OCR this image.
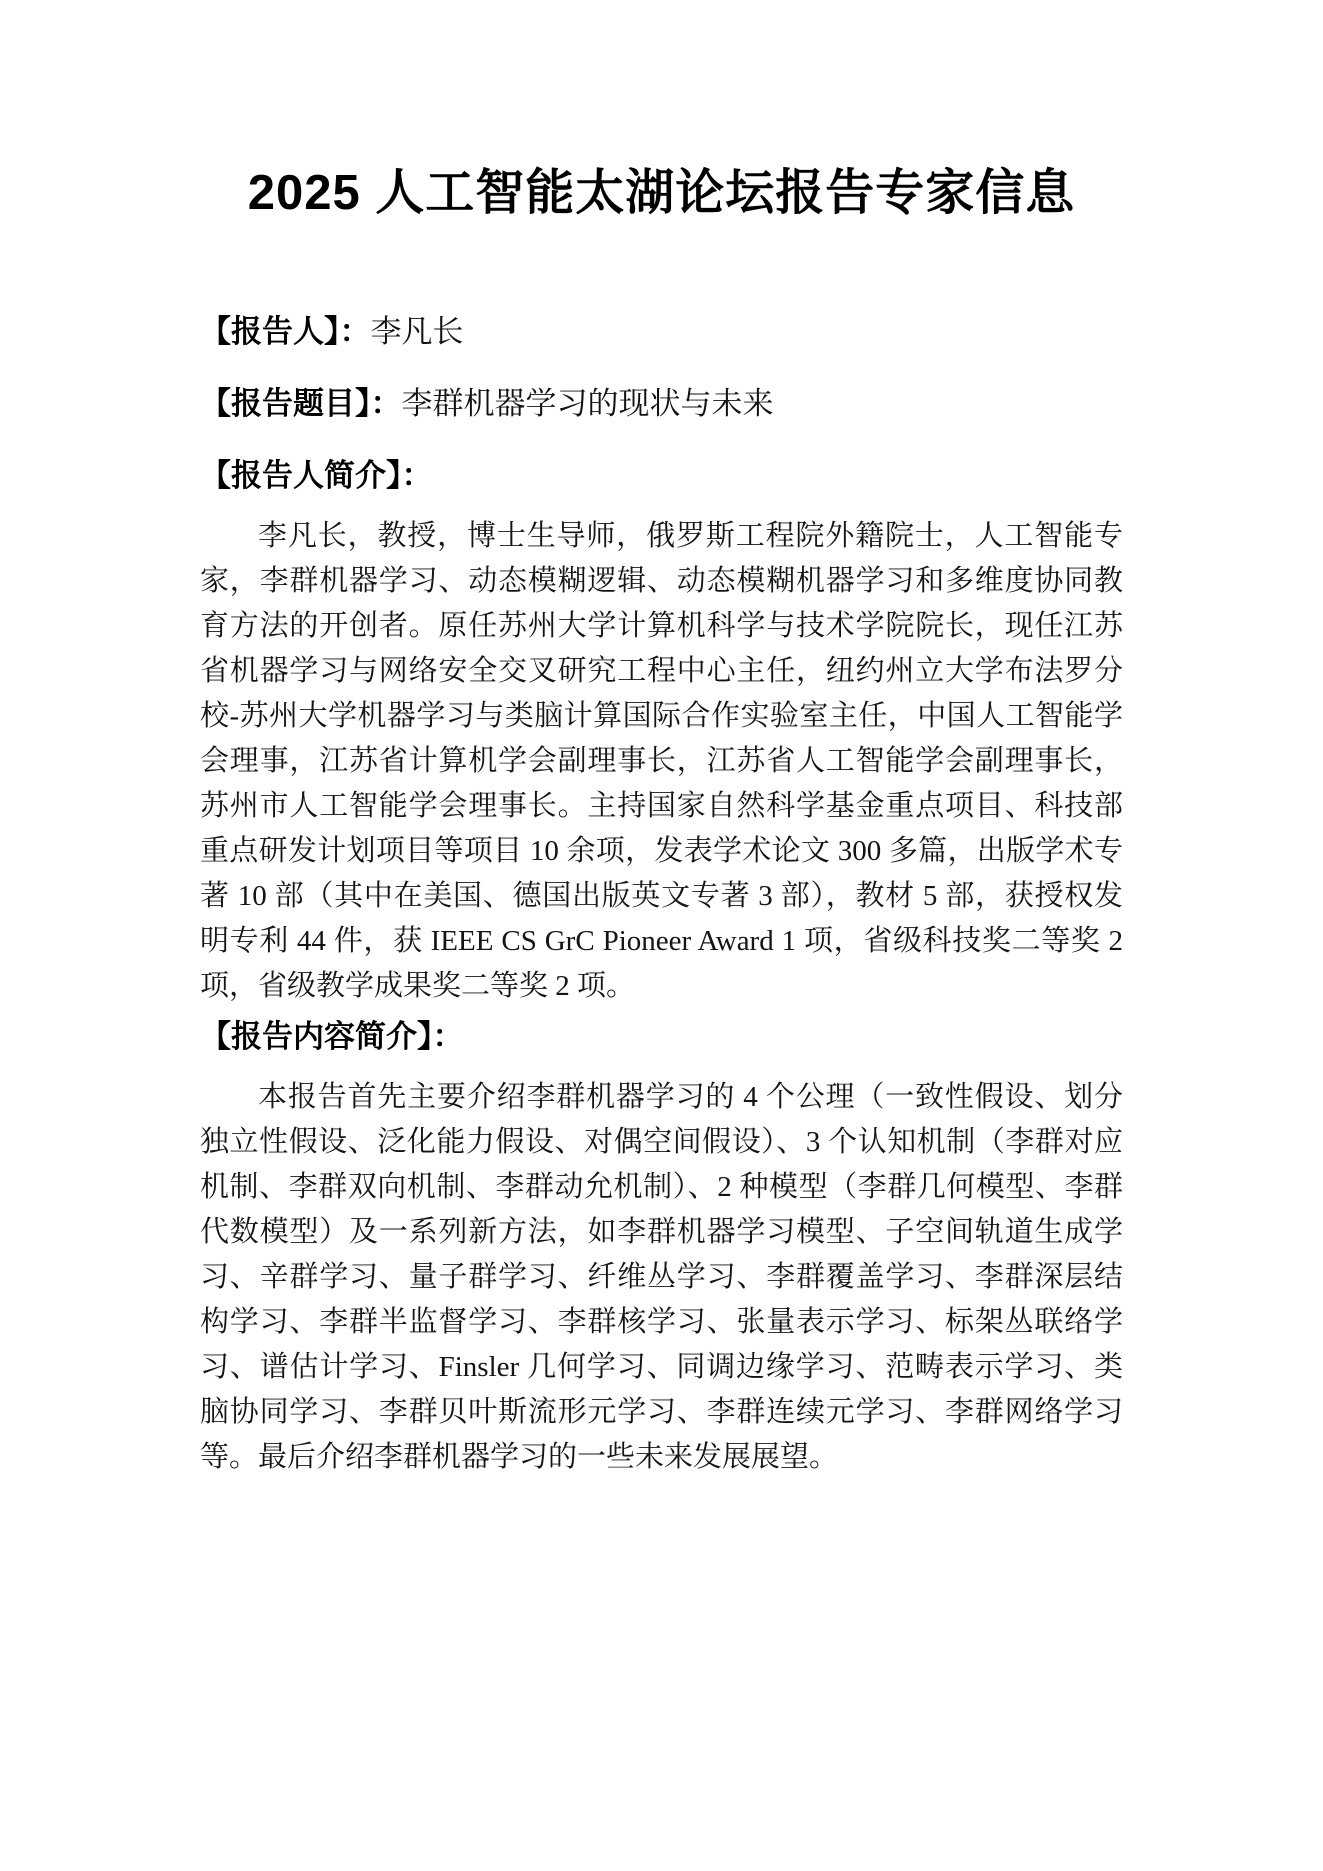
2025 人工智能太湖论坛报告专家信息
【报告人】：李凡长
【报告题目】：李群机器学习的现状与未来
【报告人简介】：

李凡长，教授，博士生导师，俄罗斯工程院外籍院士，人工智能专家，李群机器学习、动态模糊逻辑、动态模糊机器学习和多维度协同教育方法的开创者。原任苏州大学计算机科学与技术学院院长，现任江苏省机器学习与网络安全交叉研究工程中心主任，纽约州立大学布法罗分校-苏州大学机器学习与类脑计算国际合作实验室主任，中国人工智能学会理事，江苏省计算机学会副理事长，江苏省人工智能学会副理事长，苏州市人工智能学会理事长。主持国家自然科学基金重点项目、科技部重点研发计划项目等项目 10 余项，发表学术论文 300 多篇，出版学术专著 10 部（其中在美国、德国出版英文专著 3 部），教材 5 部，获授权发明专利 44 件，获 IEEE CS GrC Pioneer Award 1 项，省级科技奖二等奖 2 项，省级教学成果奖二等奖 2 项。

【报告内容简介】：

本报告首先主要介绍李群机器学习的 4 个公理（一致性假设、划分独立性假设、泛化能力假设、对偶空间假设）、3 个认知机制（李群对应机制、李群双向机制、李群动允机制）、2 种模型（李群几何模型、李群代数模型）及一系列新方法，如李群机器学习模型、子空间轨道生成学习、辛群学习、量子群学习、纤维丛学习、李群覆盖学习、李群深层结构学习、李群半监督学习、李群核学习、张量表示学习、标架丛联络学习、谱估计学习、Finsler 几何学习、同调边缘学习、范畴表示学习、类脑协同学习、李群贝叶斯流形元学习、李群连续元学习、李群网络学习等。最后介绍李群机器学习的一些未来发展展望。
